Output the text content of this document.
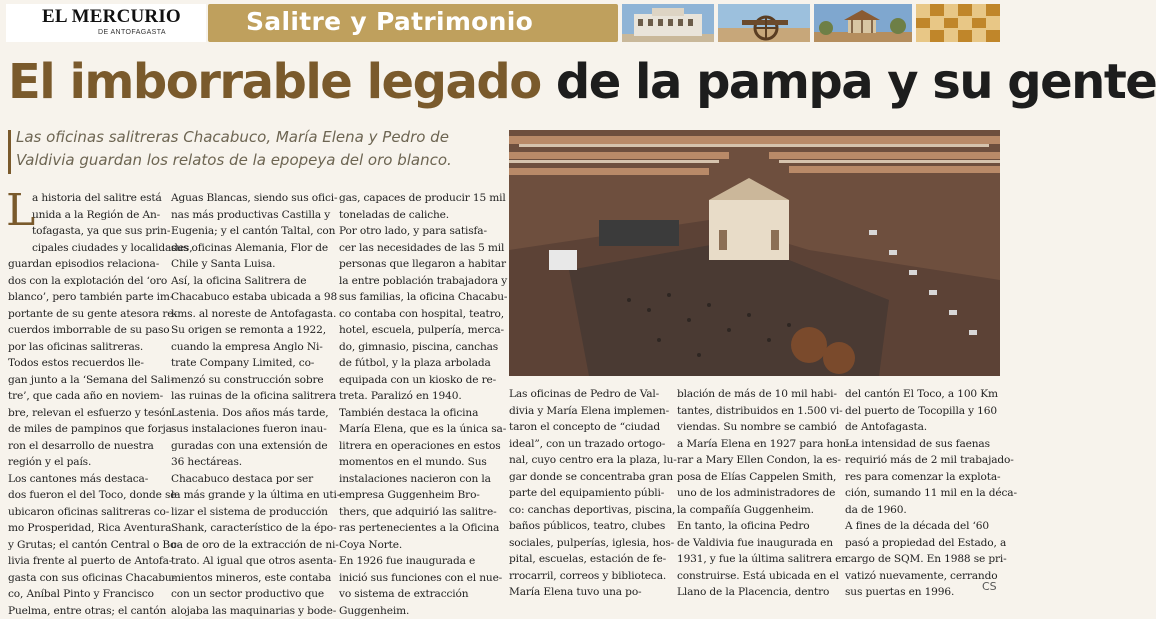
EL MERCURIO
DE ANTOFAGASTA	Salitre y Patrimonio
El imborrable legado de la pampa y su gente
Las oficinas salitreras Chacabuco, María Elena y Pedro de
Valdivia guardan los relatos de la epopeya del oro blanco.
L
a historia del salitre está
unida a la Región de An-
tofagasta, ya que sus prin-
cipales ciudades y localidades,
guardan episodios relaciona-
dos con la explotación del ‘oro
blanco’, pero también parte im-
portante de su gente atesora re-
cuerdos imborrable de su paso
por las oficinas salitreras.
Todos estos recuerdos lle-
gan junto a la ‘Semana del Sali-
tre’, que cada año en noviem-
bre, relevan el esfuerzo y tesón
de miles de pampinos que forja-
ron el desarrollo de nuestra
región y el país.
Los cantones más destaca-
dos fueron el del Toco, donde se
ubicaron oficinas salitreras co-
mo Prosperidad, Rica Aventura
y Grutas; el cantón Central o Bo-
livia frente al puerto de Antofa-
gasta con sus oficinas Chacabu-
co, Aníbal Pinto y Francisco
Puelma, entre otras; el cantón
Aguas Blancas, siendo sus ofici-
nas más productivas Castilla y
Eugenia; y el cantón Taltal, con
sus oficinas Alemania, Flor de
Chile y Santa Luisa.
Así, la oficina Salitrera de
Chacabuco estaba ubicada a 98
kms. al noreste de Antofagasta.
Su origen se remonta a 1922,
cuando la empresa Anglo Ni-
trate Company Limited, co-
menzó su construcción sobre
las ruinas de la oficina salitrera
Lastenia. Dos años más tarde,
sus instalaciones fueron inau-
guradas con una extensión de
36 hectáreas.
Chacabuco destaca por ser
la más grande y la última en uti-
lizar el sistema de producción
Shank, característico de la épo-
ca de oro de la extracción de ni-
trato. Al igual que otros asenta-
mientos mineros, este contaba
con un sector productivo que
alojaba las maquinarias y bode-
gas, capaces de producir 15 mil
toneladas de caliche.
Por otro lado, y para satisfa-
cer las necesidades de las 5 mil
personas que llegaron a habitar
la entre población trabajadora y
sus familias, la oficina Chacabu-
co contaba con hospital, teatro,
hotel, escuela, pulpería, merca-
do, gimnasio, piscina, canchas
de fútbol, y la plaza arbolada
equipada con un kiosko de re-
treta. Paralizó en 1940.
También destaca la oficina
María Elena, que es la única sa-
litrera en operaciones en estos
momentos en el mundo. Sus
instalaciones nacieron con la
empresa Guggenheim Bro-
thers, que adquirió las salitre-
ras pertenecientes a la Oficina
Coya Norte.
En 1926 fue inaugurada e
inició sus funciones con el nue-
vo sistema de extracción
Guggenheim.
Las oficinas de Pedro de Val-
divia y María Elena implemen-
taron el concepto de “ciudad
ideal”, con un trazado ortogo-
nal, cuyo centro era la plaza, lu-
gar donde se concentraba gran
parte del equipamiento públi-
co: canchas deportivas, piscina,
baños públicos, teatro, clubes
sociales, pulperías, iglesia, hos-
pital, escuelas, estación de fe-
rrocarril, correos y biblioteca.
María Elena tuvo una po-
blación de más de 10 mil habi-
tantes, distribuidos en 1.500 vi-
viendas. Su nombre se cambió
a María Elena en 1927 para hon-
rar a Mary Ellen Condon, la es-
posa de Elías Cappelen Smith,
uno de los administradores de
la compañía Guggenheim.
En tanto, la oficina Pedro
de Valdivia fue inaugurada en
1931, y fue la última salitrera en
construirse. Está ubicada en el
Llano de la Placencia, dentro
del cantón El Toco, a 100 Km
del puerto de Tocopilla y 160
de Antofagasta.
La intensidad de sus faenas
requirió más de 2 mil trabajado-
res para comenzar la explota-
ción, sumando 11 mil en la déca-
da de 1960.
A fines de la década del ‘60
pasó a propiedad del Estado, a
cargo de SQM. En 1988 se pri-
vatizó nuevamente, cerrando
sus puertas en 1996.	CS
